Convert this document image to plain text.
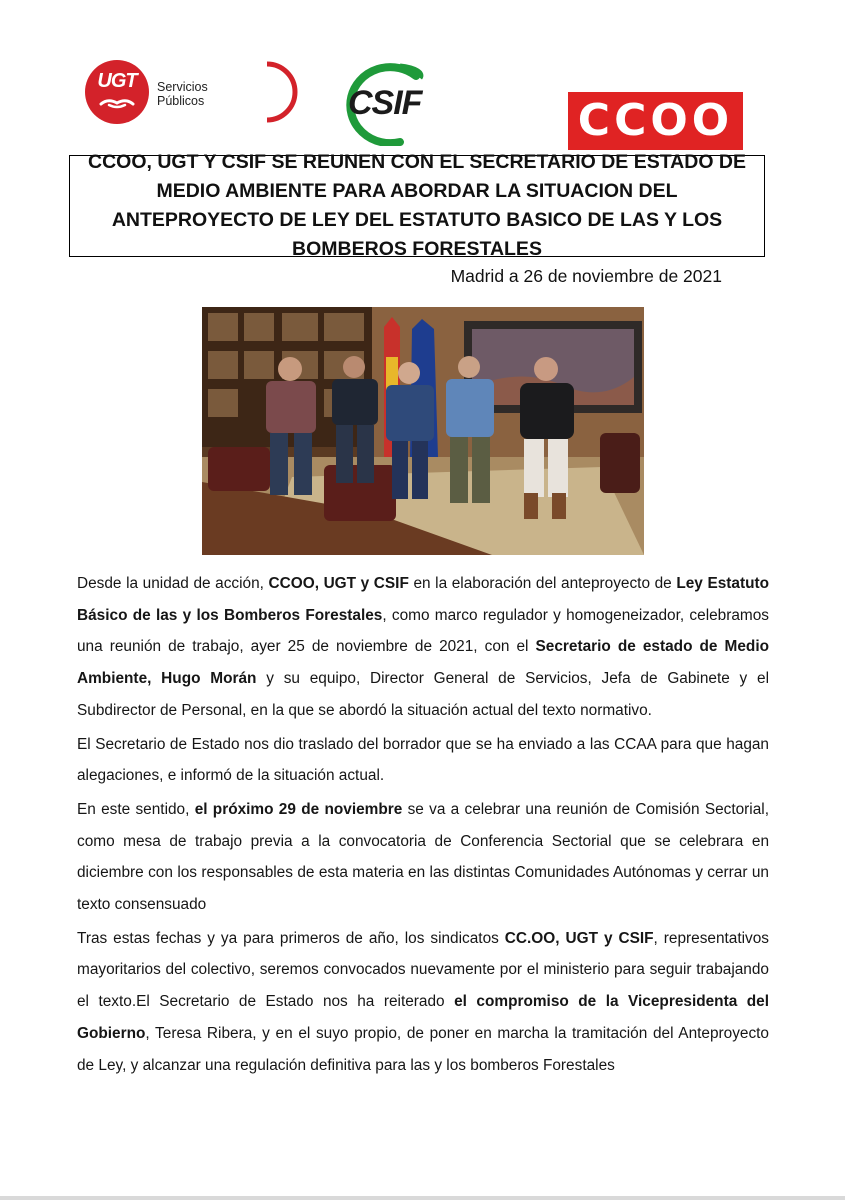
UGT	Servicios
Públicos	CSIF	CCOO
CCOO, UGT Y CSIF SE REUNEN CON EL SECRETARIO DE ESTADO DE MEDIO AMBIENTE PARA ABORDAR LA SITUACION DEL ANTEPROYECTO DE LEY DEL ESTATUTO BASICO DE LAS Y LOS BOMBEROS FORESTALES
Madrid a 26 de noviembre de 2021

Desde la unidad de acción, CCOO, UGT y CSIF en la elaboración del anteproyecto de Ley Estatuto Básico de las y los Bomberos Forestales, como marco regulador y homogeneizador, celebramos una reunión de trabajo, ayer 25 de noviembre de 2021, con el Secretario de estado de Medio Ambiente, Hugo Morán y su equipo, Director General de Servicios, Jefa de Gabinete y el Subdirector de Personal, en la que se abordó la situación actual del texto normativo.

El Secretario de Estado nos dio traslado del borrador que se ha enviado a las CCAA para que hagan alegaciones, e informó de la situación actual.

En este sentido, el próximo 29 de noviembre se va a celebrar una reunión de Comisión Sectorial, como mesa de trabajo previa a la convocatoria de Conferencia Sectorial que se celebrara en diciembre con los responsables de esta materia en las distintas Comunidades Autónomas y cerrar un texto consensuado

Tras estas fechas y ya para primeros de año, los sindicatos CC.OO, UGT y CSIF, representativos mayoritarios del colectivo, seremos convocados nuevamente por el ministerio para seguir trabajando el texto.El Secretario de Estado nos ha reiterado el compromiso de la Vicepresidenta del Gobierno, Teresa Ribera, y en el suyo propio, de poner en marcha la tramitación del Anteproyecto de Ley, y alcanzar una regulación definitiva para las y los bomberos Forestales
